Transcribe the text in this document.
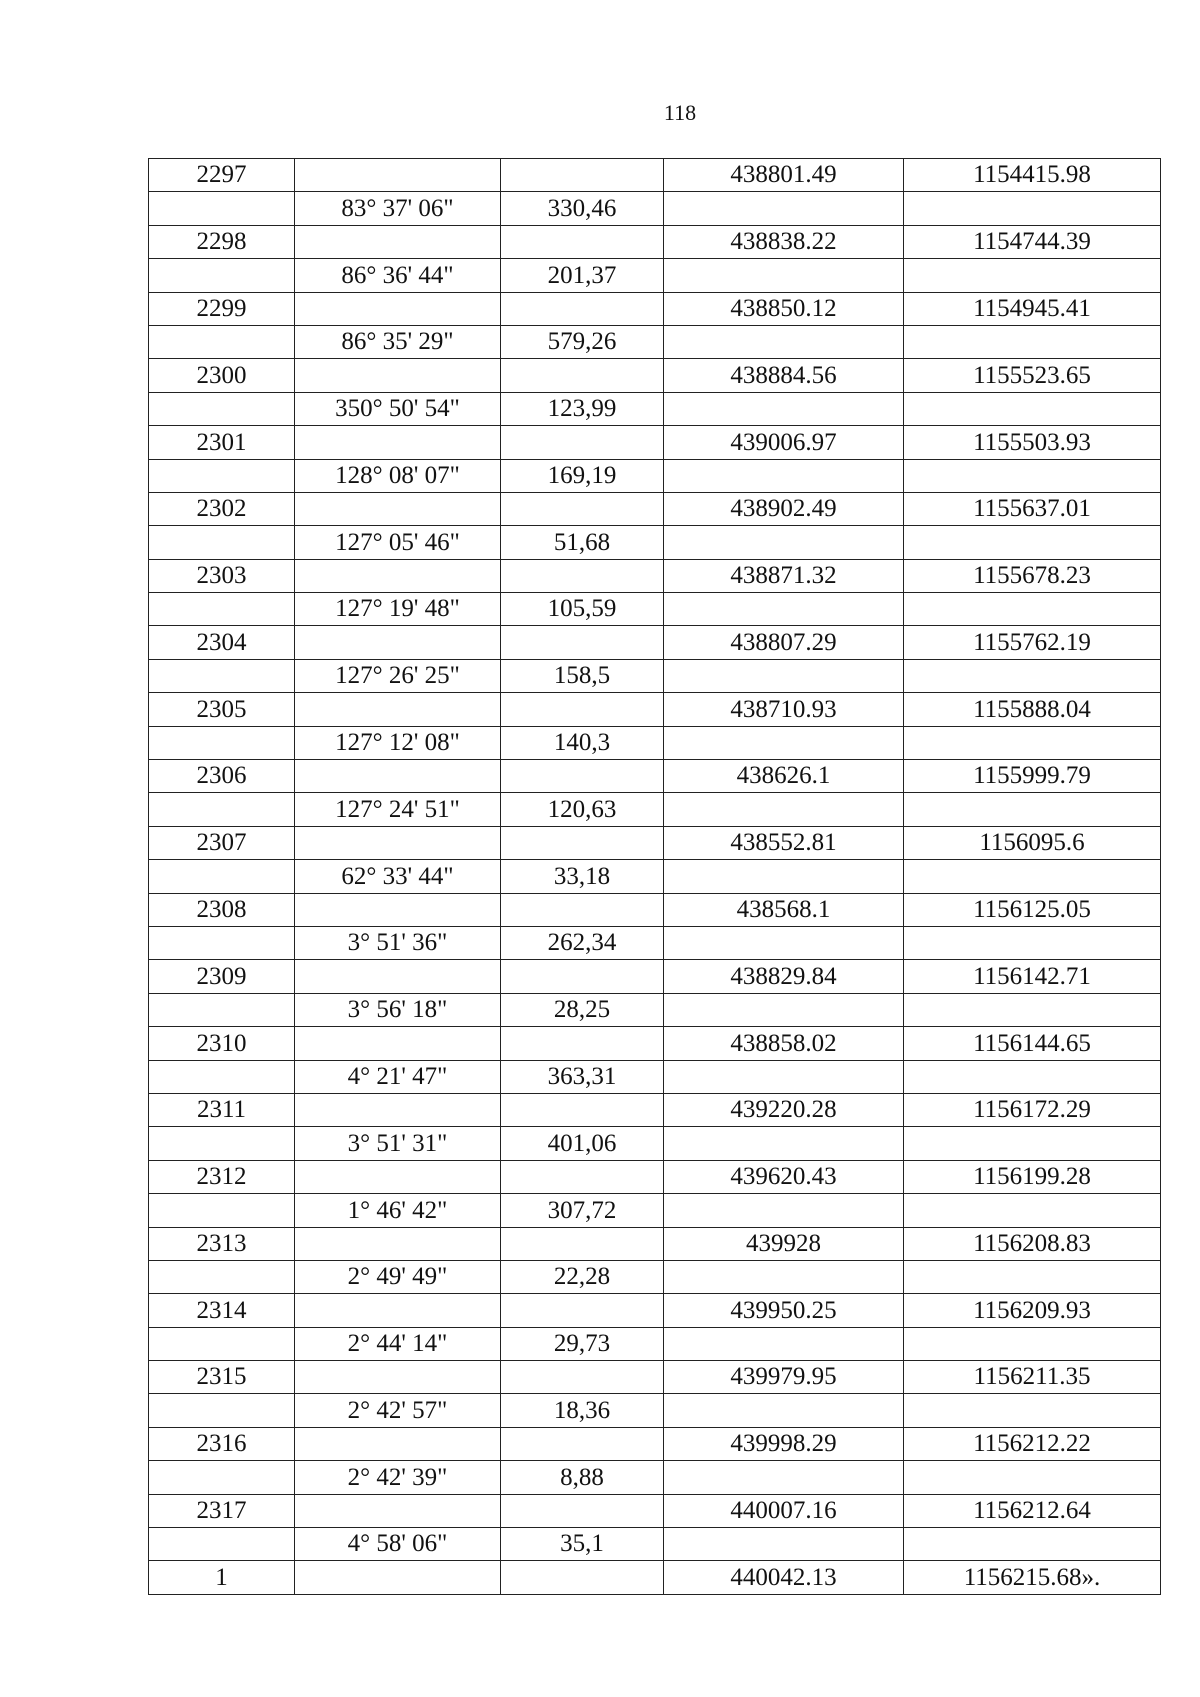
118
2297			438801.49	1154415.98
	83° 37' 06"	330,46		
2298			438838.22	1154744.39
	86° 36' 44"	201,37		
2299			438850.12	1154945.41
	86° 35' 29"	579,26		
2300			438884.56	1155523.65
	350° 50' 54"	123,99		
2301			439006.97	1155503.93
	128° 08' 07"	169,19		
2302			438902.49	1155637.01
	127° 05' 46"	51,68		
2303			438871.32	1155678.23
	127° 19' 48"	105,59		
2304			438807.29	1155762.19
	127° 26' 25"	158,5		
2305			438710.93	1155888.04
	127° 12' 08"	140,3		
2306			438626.1	1155999.79
	127° 24' 51"	120,63		
2307			438552.81	1156095.6
	62° 33' 44"	33,18		
2308			438568.1	1156125.05
	3° 51' 36"	262,34		
2309			438829.84	1156142.71
	3° 56' 18"	28,25		
2310			438858.02	1156144.65
	4° 21' 47"	363,31		
2311			439220.28	1156172.29
	3° 51' 31"	401,06		
2312			439620.43	1156199.28
	1° 46' 42"	307,72		
2313			439928	1156208.83
	2° 49' 49"	22,28		
2314			439950.25	1156209.93
	2° 44' 14"	29,73		
2315			439979.95	1156211.35
	2° 42' 57"	18,36		
2316			439998.29	1156212.22
	2° 42' 39"	8,88		
2317			440007.16	1156212.64
	4° 58' 06"	35,1		
1			440042.13	1156215.68».
